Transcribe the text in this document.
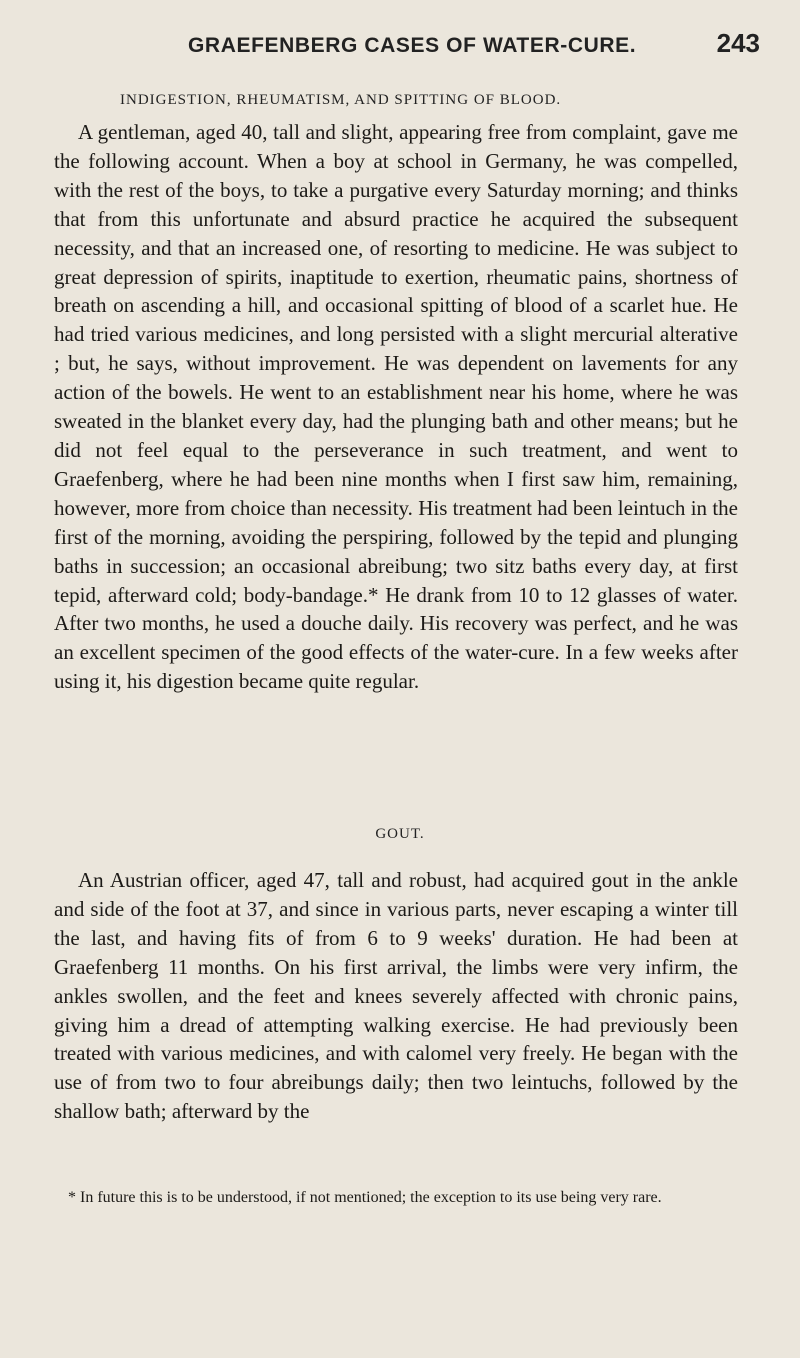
GRAEFENBERG CASES OF WATER-CURE.	243
INDIGESTION, RHEUMATISM, AND SPITTING OF BLOOD.

A gentleman, aged 40, tall and slight, appearing free from complaint, gave me the following account. When a boy at school in Germany, he was compelled, with the rest of the boys, to take a purgative every Saturday morning; and thinks that from this unfortunate and absurd practice he acquired the subsequent necessity, and that an increased one, of resorting to medicine. He was subject to great depression of spirits, inaptitude to exertion, rheumatic pains, shortness of breath on ascending a hill, and occasional spitting of blood of a scarlet hue. He had tried various medicines, and long persisted with a slight mercurial alterative ; but, he says, without improvement. He was dependent on lavements for any action of the bowels. He went to an establishment near his home, where he was sweated in the blanket every day, had the plunging bath and other means; but he did not feel equal to the perseverance in such treatment, and went to Graefenberg, where he had been nine months when I first saw him, remaining, however, more from choice than necessity. His treatment had been leintuch in the first of the morning, avoiding the perspiring, followed by the tepid and plunging baths in succession; an occasional abreibung; two sitz baths every day, at first tepid, afterward cold; body-bandage.* He drank from 10 to 12 glasses of water. After two months, he used a douche daily. His recovery was perfect, and he was an excellent specimen of the good effects of the water-cure. In a few weeks after using it, his digestion became quite regular.

GOUT.

An Austrian officer, aged 47, tall and robust, had acquired gout in the ankle and side of the foot at 37, and since in various parts, never escaping a winter till the last, and having fits of from 6 to 9 weeks' duration. He had been at Graefenberg 11 months. On his first arrival, the limbs were very infirm, the ankles swollen, and the feet and knees severely affected with chronic pains, giving him a dread of attempting walking exercise. He had previously been treated with various medicines, and with calomel very freely. He began with the use of from two to four abreibungs daily; then two leintuchs, followed by the shallow bath; afterward by the

* In future this is to be understood, if not mentioned; the exception to its use being very rare.
